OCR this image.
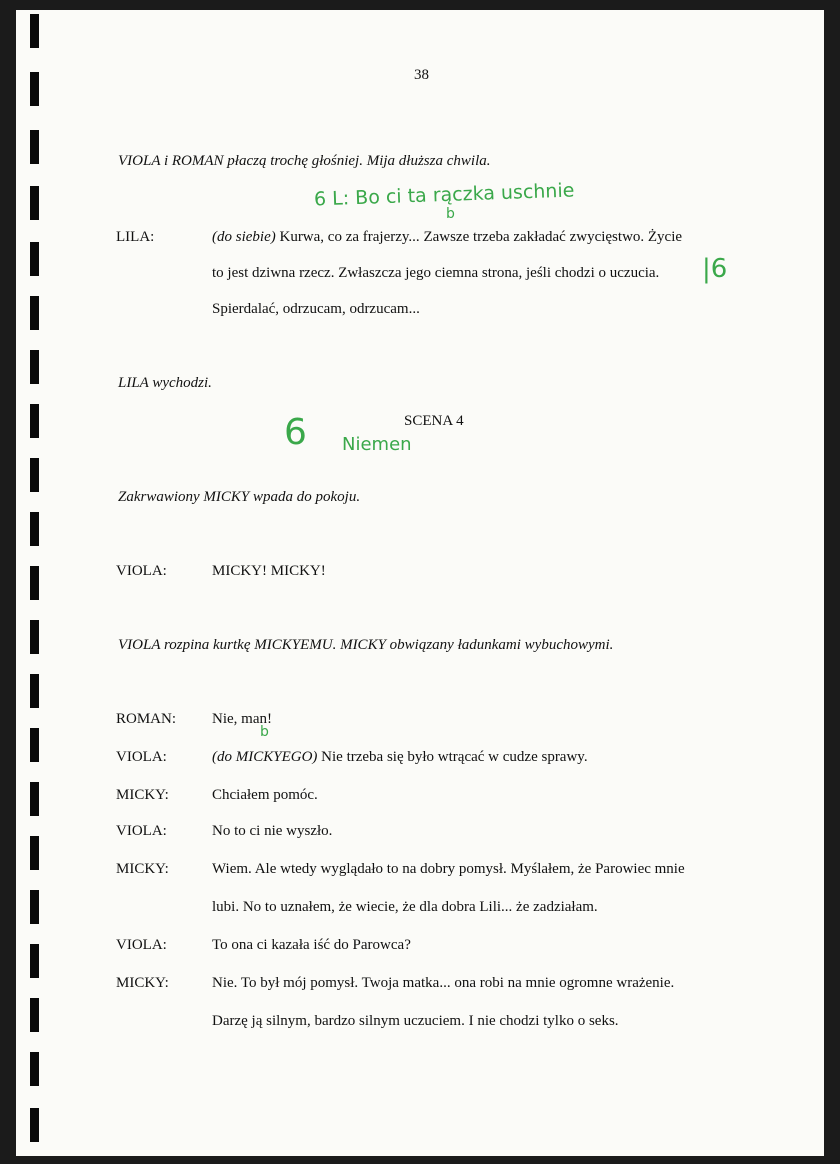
38
VIOLA i ROMAN płaczą trochę głośniej. Mija dłuższa chwila.
6 L: Bo ci ta rączka uschnie
b
LILA:	(do siebie) Kurwa, co za frajerzy... Zawsze trzeba zakładać zwycięstwo. Życie
to jest dziwna rzecz. Zwłaszcza jego ciemna strona, jeśli chodzi o uczucia. |6
Spierdalać, odrzucam, odrzucam...
LILA wychodzi.
SCENA 4
6 Niemen
Zakrwawiony MICKY wpada do pokoju.
VIOLA:	MICKY! MICKY!
VIOLA rozpina kurtkę MICKYEMU. MICKY obwiązany ładunkami wybuchowymi.
ROMAN: Nie, man!
b
VIOLA:	(do MICKYEGO) Nie trzeba się było wtrącać w cudze sprawy.
MICKY:	Chciałem pomóc.
VIOLA:	No to ci nie wyszło.
MICKY:	Wiem. Ale wtedy wyglądało to na dobry pomysł. Myślałem, że Parowiec mnie
lubi. No to uznałem, że wiecie, że dla dobra Lili... że zadziałam.
VIOLA:	To ona ci kazała iść do Parowca?
MICKY:	Nie. To był mój pomysł. Twoja matka... ona robi na mnie ogromne wrażenie.
Darzę ją silnym, bardzo silnym uczuciem. I nie chodzi tylko o seks.
